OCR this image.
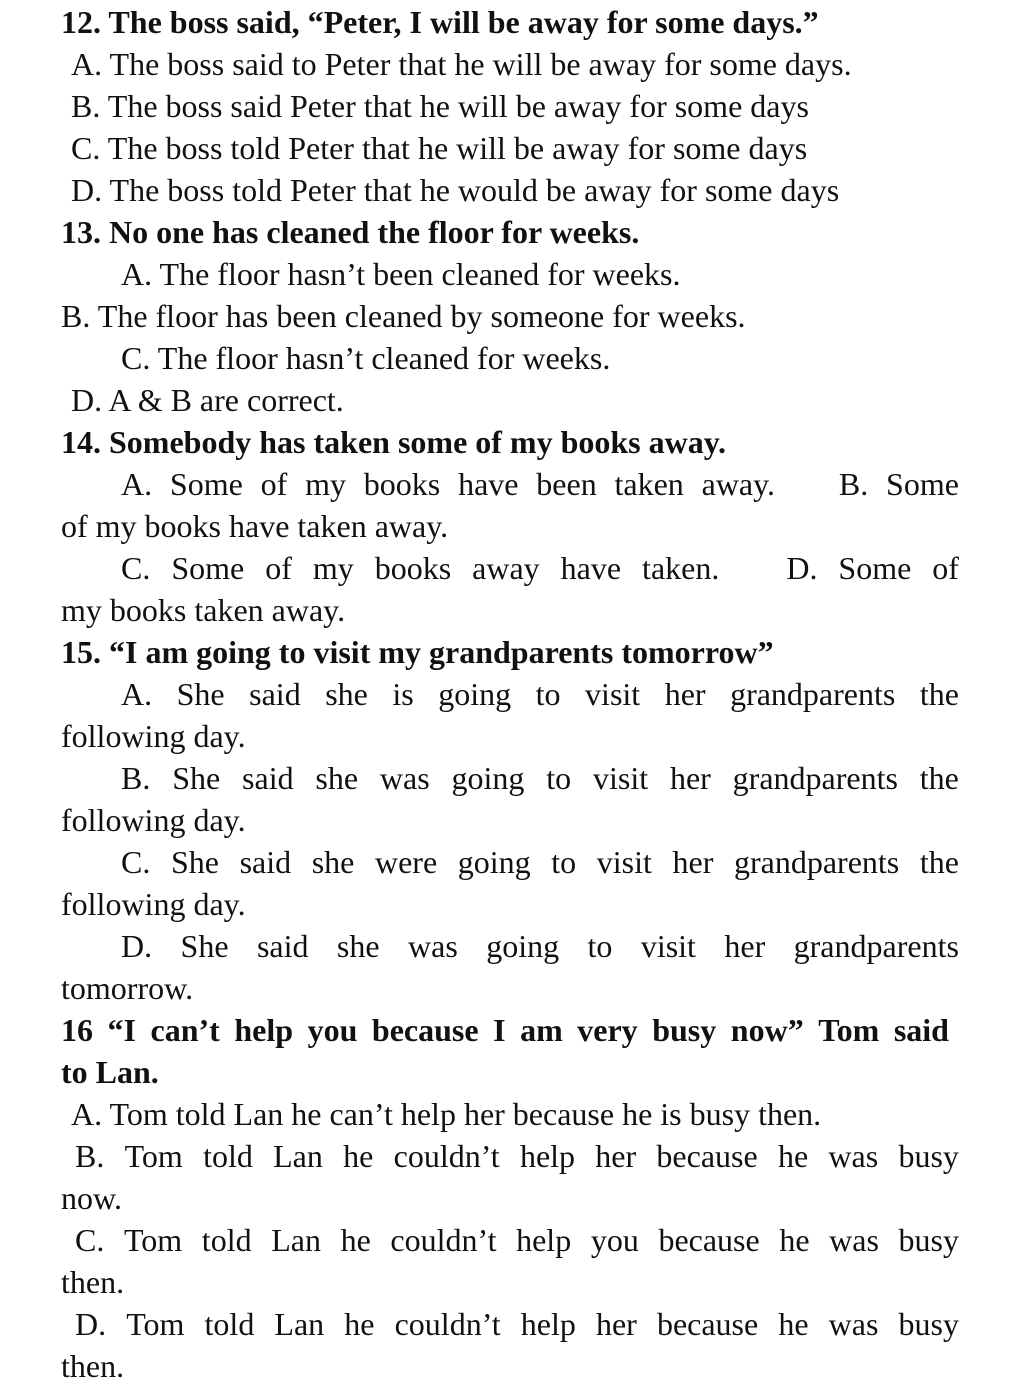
12. The boss said, “Peter, I will be away for some days.”
A. The boss said to Peter that he will be away for some days.
B. The boss said Peter that he will be away for some days
C. The boss told Peter that he will be away for some days
D. The boss told Peter that he would be away for some days
13. No one has cleaned the floor for weeks.
A. The floor hasn’t been cleaned for weeks.
B. The floor has been cleaned by someone for weeks.
C. The floor hasn’t cleaned for weeks.
D. A & B are correct.
14. Somebody has taken some of my books away.
A. Some of my books have been taken away. B. Some
of my books have taken away.
C. Some of my books away have taken. D. Some of
my books taken away.
15. “I am going to visit my grandparents tomorrow”
A. She said she is going to visit her grandparents the
following day.
B. She said she was going to visit her grandparents the
following day.
C. She said she were going to visit her grandparents the
following day.
D. She said she was going to visit her grandparents
tomorrow.
16 “I can’t help you because I am very busy now” Tom said
to Lan.
A. Tom told Lan he can’t help her because he is busy then.
B. Tom told Lan he couldn’t help her because he was busy
now.
C. Tom told Lan he couldn’t help you because he was busy
then.
D. Tom told Lan he couldn’t help her because he was busy
then.
